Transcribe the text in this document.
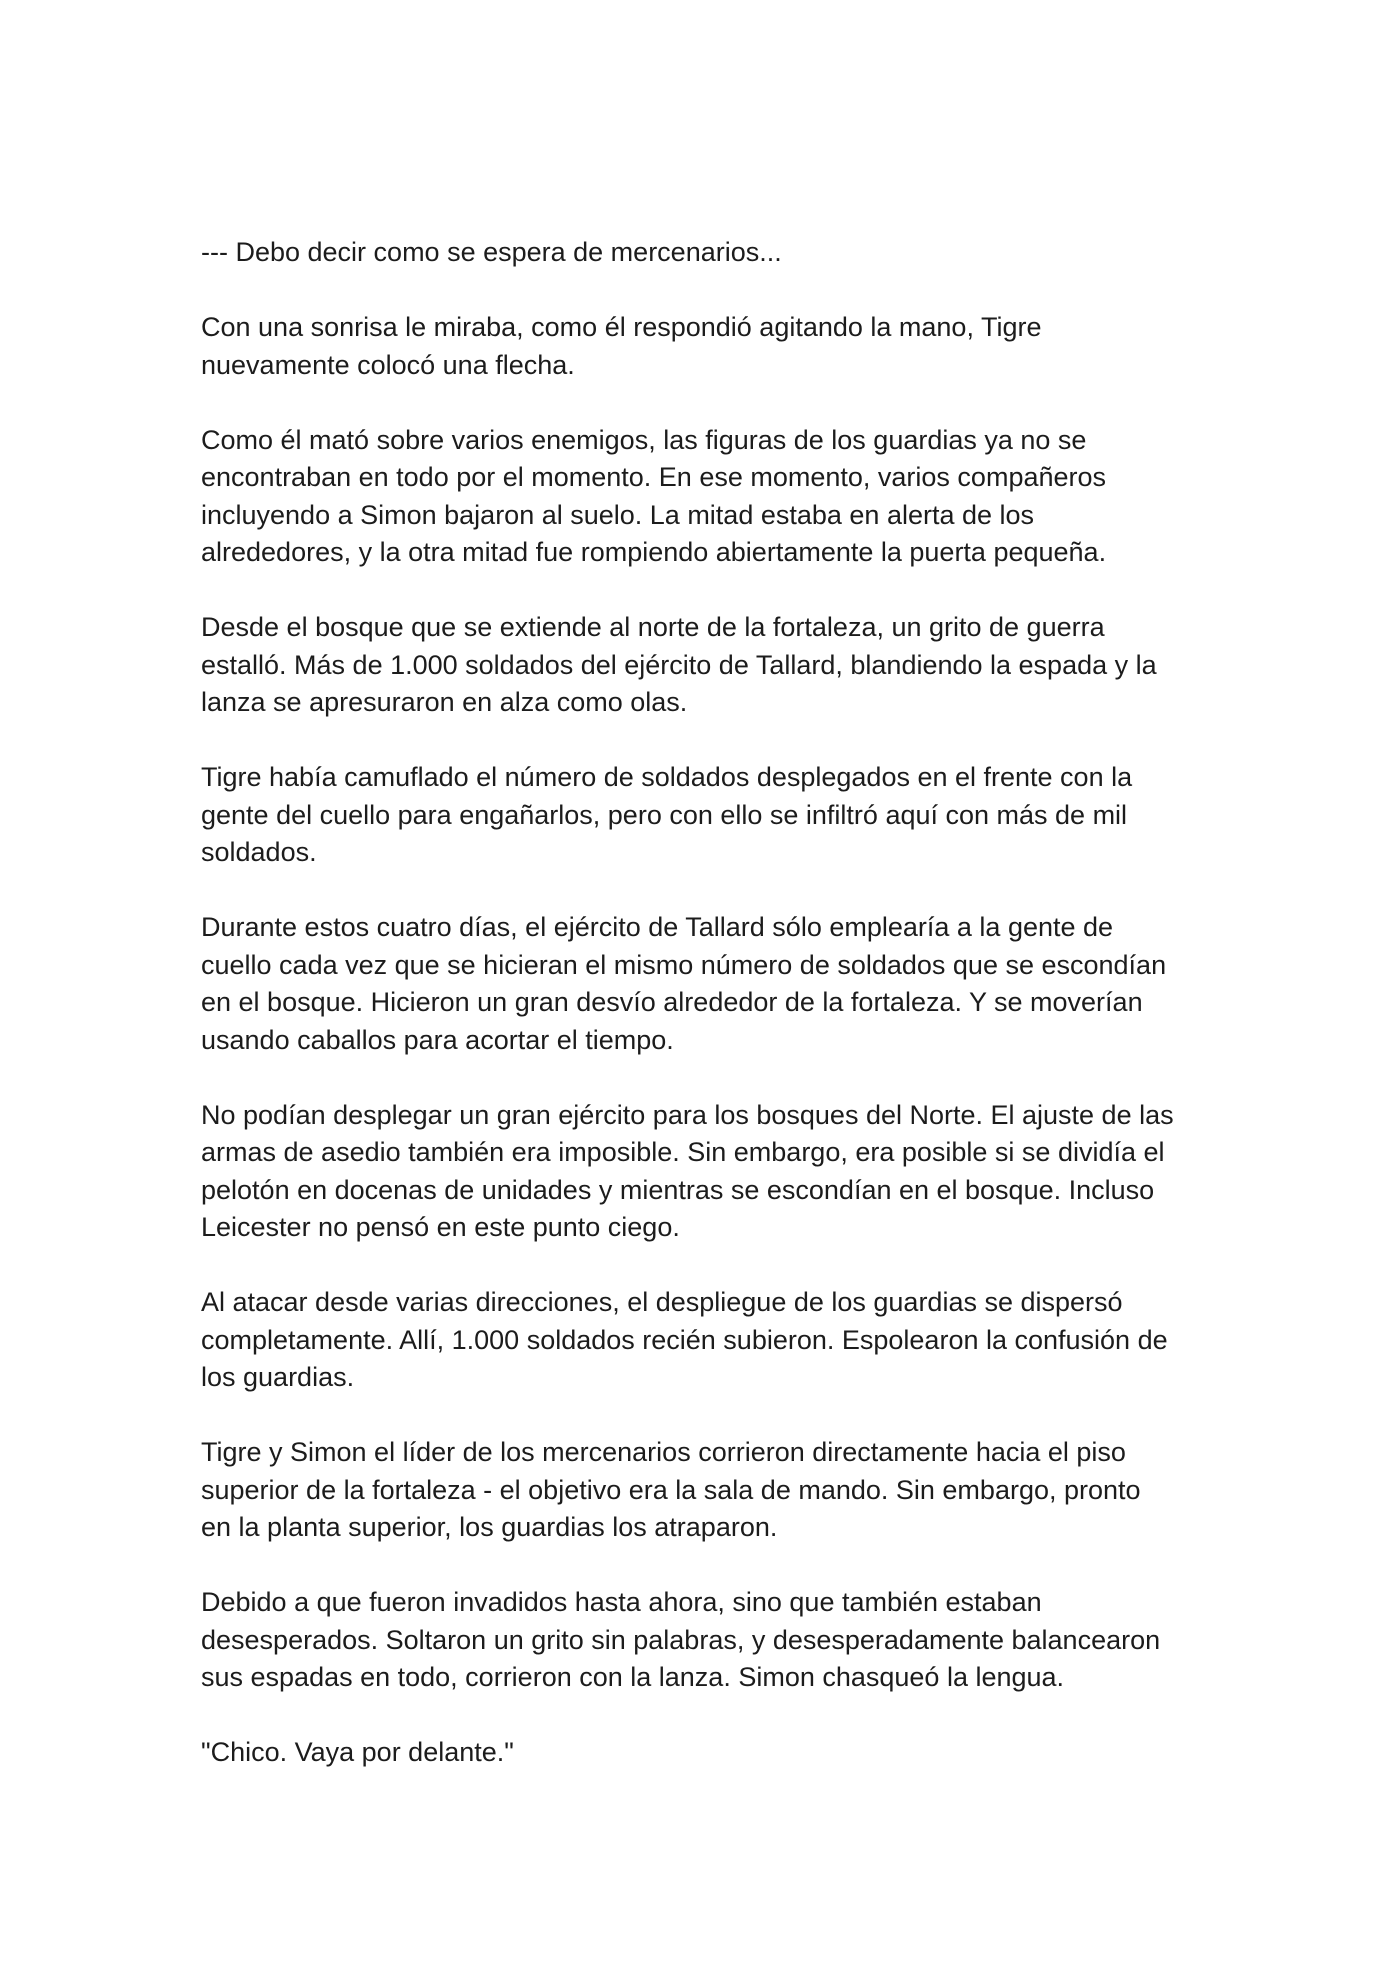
--- Debo decir como se espera de mercenarios...

Con una sonrisa le miraba, como él respondió agitando la mano, Tigre
nuevamente colocó una flecha.

Como él mató sobre varios enemigos, las figuras de los guardias ya no se
encontraban en todo por el momento. En ese momento, varios compañeros
incluyendo a Simon bajaron al suelo. La mitad estaba en alerta de los
alrededores, y la otra mitad fue rompiendo abiertamente la puerta pequeña.

Desde el bosque que se extiende al norte de la fortaleza, un grito de guerra
estalló. Más de 1.000 soldados del ejército de Tallard, blandiendo la espada y la
lanza se apresuraron en alza como olas.

Tigre había camuflado el número de soldados desplegados en el frente con la
gente del cuello para engañarlos, pero con ello se infiltró aquí con más de mil
soldados.

Durante estos cuatro días, el ejército de Tallard sólo emplearía a la gente de
cuello cada vez que se hicieran el mismo número de soldados que se escondían
en el bosque. Hicieron un gran desvío alrededor de la fortaleza. Y se moverían
usando caballos para acortar el tiempo.

No podían desplegar un gran ejército para los bosques del Norte. El ajuste de las
armas de asedio también era imposible. Sin embargo, era posible si se dividía el
pelotón en docenas de unidades y mientras se escondían en el bosque. Incluso
Leicester no pensó en este punto ciego.

Al atacar desde varias direcciones, el despliegue de los guardias se dispersó
completamente. Allí, 1.000 soldados recién subieron. Espolearon la confusión de
los guardias.

Tigre y Simon el líder de los mercenarios corrieron directamente hacia el piso
superior de la fortaleza - el objetivo era la sala de mando. Sin embargo, pronto
en la planta superior, los guardias los atraparon.

Debido a que fueron invadidos hasta ahora, sino que también estaban
desesperados. Soltaron un grito sin palabras, y desesperadamente balancearon
sus espadas en todo, corrieron con la lanza. Simon chasqueó la lengua.

"Chico. Vaya por delante."
